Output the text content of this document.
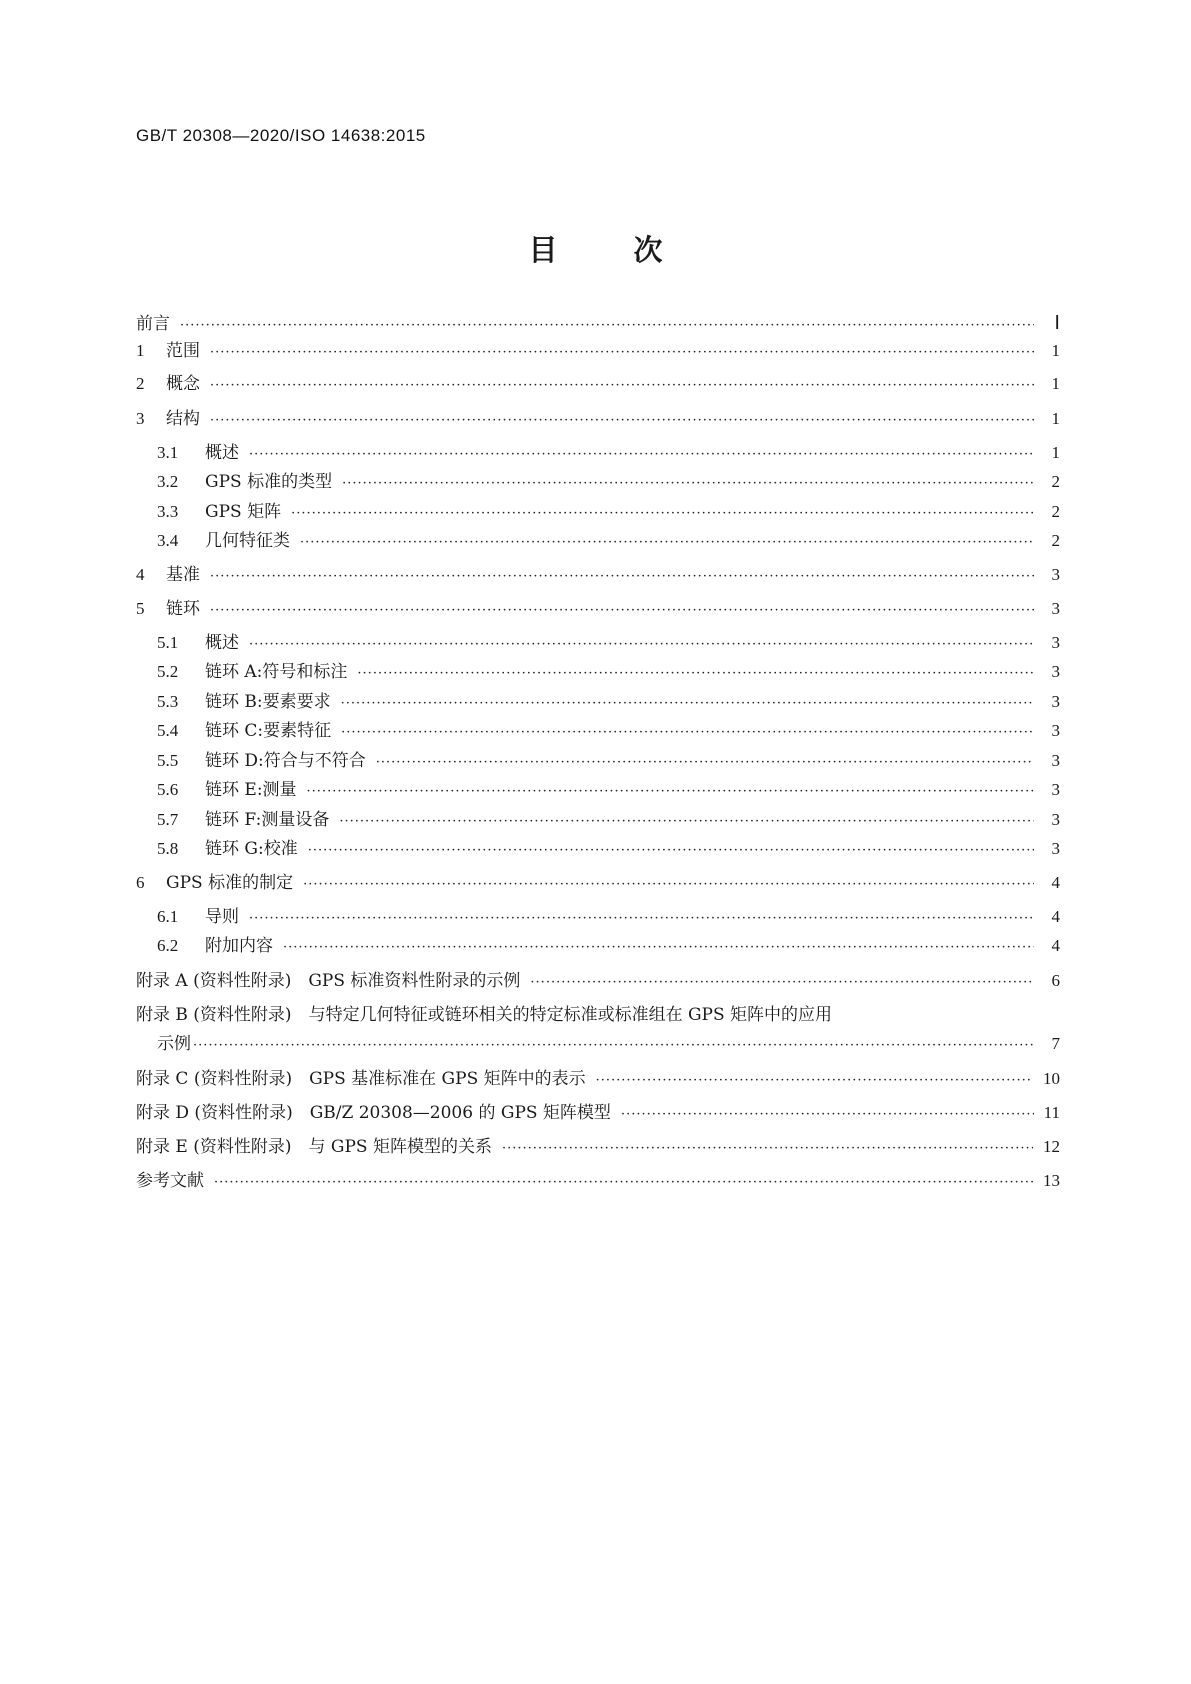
GB/T 20308—2020/ISO 14638:2015
目	次
前言 ·····	Ⅰ
1	范围 ·····	1
2	概念 ·····	1
3	结构 ·····	1
3.1	概述 ·····	1
3.2	GPS 标准的类型 ·····	2
3.3	GPS 矩阵 ·····	2
3.4	几何特征类 ·····	2
4	基准 ·····	3
5	链环 ·····	3
5.1	概述 ·····	3
5.2	链环 A:符号和标注 ·····	3
5.3	链环 B:要素要求 ·····	3
5.4	链环 C:要素特征 ·····	3
5.5	链环 D:符合与不符合 ·····	3
5.6	链环 E:测量 ·····	3
5.7	链环 F:测量设备 ·····	3
5.8	链环 G:校准 ·····	3
6	GPS 标准的制定 ·····	4
6.1	导则 ·····	4
6.2	附加内容 ·····	4
附录 A (资料性附录)　GPS 标准资料性附录的示例 ·····	6
附录 B (资料性附录)　与特定几何特征或链环相关的特定标准或标准组在 GPS 矩阵中的应用
示例 ·····	7
附录 C (资料性附录)　GPS 基准标准在 GPS 矩阵中的表示 ·····	10
附录 D (资料性附录)　GB/Z 20308—2006 的 GPS 矩阵模型 ·····	11
附录 E (资料性附录)　与 GPS 矩阵模型的关系 ·····	12
参考文献 ·····	13
